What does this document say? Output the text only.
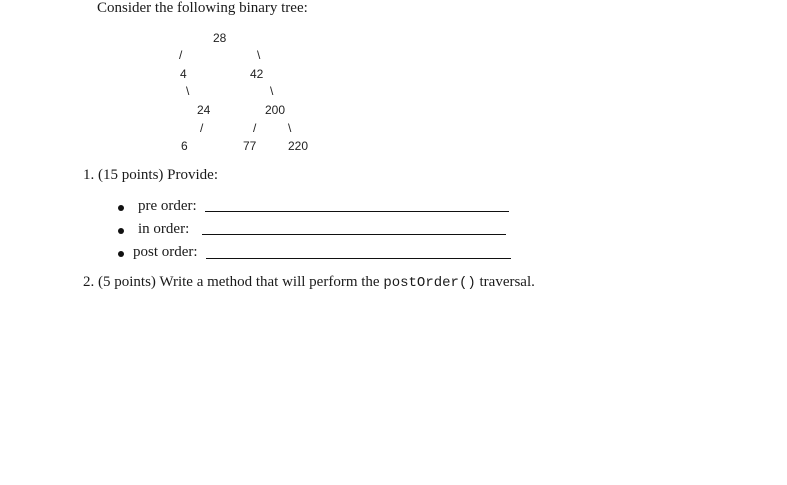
Consider the following binary tree:
28
/	\
4	42
\	\
24	200
/	/	\
6	77	220
1. (15 points) Provide:
pre order:
in order:
post order:
2. (5 points) Write a method that will perform the postOrder() traversal.
